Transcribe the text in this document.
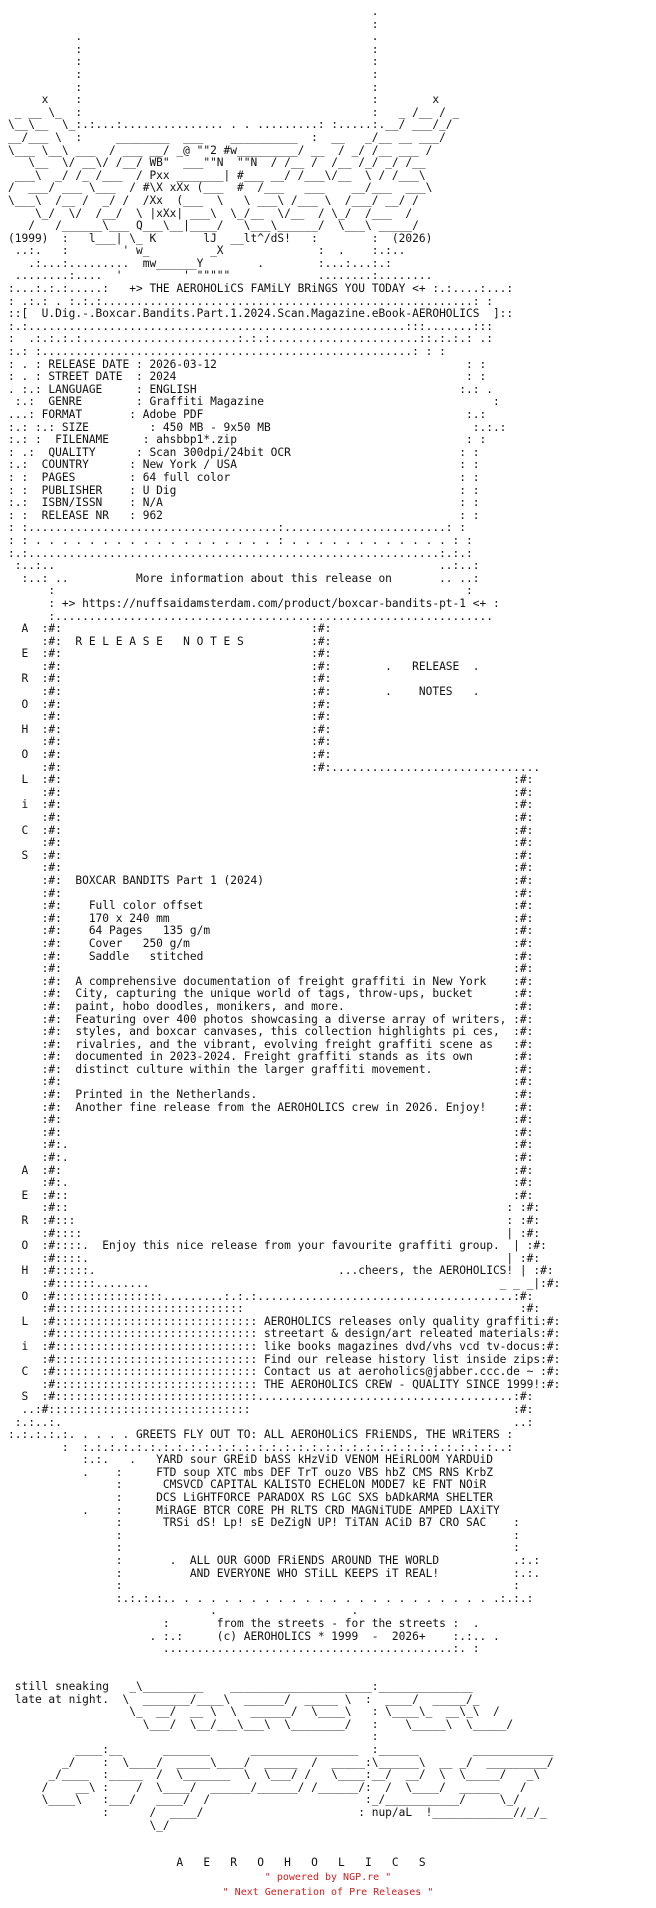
.
:
.                                           .
:                                           :
:                                           :
:                                           :
:                                           :
x    :                                           :        x
_ __ \_  :                                           :   _ /__ / _
\__\__  \_:.:...:............... . . .........: :.....:.__/ ___/_/
__/___ \  :     ________  ___    __________  :  __   _/__ __ ___/
\___ \__\ ___  / ___ __/ _@ ""2 #w_________/ __  / _/ /__ ___ /
\__  \/ __\/ /__/ WB"  ___""N  ""N  / /__ /  /__ /_/ _/ /__
___\  _/ /_ /___  / Pxx _______| #___ __/ /___\/__  \ / /___\
/  ___/ ___ \___  / #\X xXx (___  #  /___   ___    __/___  ___\
\___\  /__ /  _/ /  /Xx  (___  \   \ ___\ /___ \  /___/ __/ /
\_/  \/  /__/  \ |xXx| ___\  \_/__  \/__  / \_/  /___  /
/   /______\___ Q___\__|____/   \___\______/  \___\ _____/
(1999)  :   l___| \_ K       lJ  __lt^/dS!   :        :  (2026)
..:.   :        ' w_         _X              :  .    :.:..
.:...:.........  mw______Y        .        :...:...:.:
........:....  '         ' """""             ........:........
:...:.:.:.....:   +> THE AEROHOLiCS FAMiLY BRiNGS YOU TODAY <+ :.:....:...:
: .:.: . :.:.:.......................................................: :
::[  U.Dig.-.Boxcar.Bandits.Part.1.2024.Scan.Magazine.eBook-AEROHOLICS  ]::
:.:........................................................:::.......:::
:  .:.:.:.:.......................:.:.:......................::.:.:.: .:
:.: :.......................................................: : :
: . : RELEASE DATE : 2026-03-12                                     : :
: . : STREET DATE  : 2024                                           : :
. :.: LANGUAGE     : ENGLISH                                       :.: .
:.:  GENRE        : Graffiti Magazine                                  :
...: FORMAT       : Adobe PDF                                       :.:
:.: :.: SIZE         : 450 MB - 9x50 MB                              :.:.:
:.: :  FILENAME     : ahsbbp1*.zip                                  : :
: .:  QUALITY      : Scan 300dpi/24bit OCR                         : :
:.:  COUNTRY      : New York / USA                                 : :
: :  PAGES        : 64 full color                                  : :
: :  PUBLISHER    : U Dig                                          : :
:.:  ISBN/ISSN    : N/A                                            : :
: :  RELEASE NR   : 962                                            : :
: :.....................................:........................: :
: : . . . . . . . . . . . . . . . . . . : . . . . . . . . . . . . : :
:.:.............................................................:.:.:
:..:..                                                         ..:..:
:..: ..          More information about this release on       .. ..:
:                                                             :
: +> https://nuffsaidamsterdam.com/product/boxcar-bandits-pt-1 <+ :
:.................................................................
A  :#:                                     :#:
:#:  R E L E A S E   N O T E S          :#:
E  :#:                                     :#:
:#:                                     :#:        .   RELEASE  .
R  :#:                                     :#:
:#:                                     :#:        .    NOTES   .
O  :#:                                     :#:
:#:                                     :#:
H  :#:                                     :#:
:#:                                     :#:
O  :#:                                     :#:
:#:                                     :#:...............................
L  :#:                                                                   :#:
:#:                                                                   :#:
i  :#:                                                                   :#:
:#:                                                                   :#:
C  :#:                                                                   :#:
:#:                                                                   :#:
S  :#:                                                                   :#:
:#:                                                                   :#:
:#:  BOXCAR BANDITS Part 1 (2024)                                     :#:
:#:                                                                   :#:
:#:    Full color offset                                              :#:
:#:    170 x 240 mm                                                   :#:
:#:    64 Pages   135 g/m                                             :#:
:#:    Cover   250 g/m                                                :#:
:#:    Saddle   stitched                                              :#:
:#:                                                                   :#:
:#:  A comprehensive documentation of freight graffiti in New York    :#:
:#:  City, capturing the unique world of tags, throw-ups, bucket      :#:
:#:  paint, hobo doodles, monikers, and more.                         :#:
:#:  Featuring over 400 photos showcasing a diverse array of writers, :#:
:#:  styles, and boxcar canvases, this collection highlights pi ces,  :#:
:#:  rivalries, and the vibrant, evolving freight graffiti scene as   :#:
:#:  documented in 2023-2024. Freight graffiti stands as its own      :#:
:#:  distinct culture within the larger graffiti movement.            :#:
:#:                                                                   :#:
:#:  Printed in the Netherlands.                                      :#:
:#:  Another fine release from the AEROHOLICS crew in 2026. Enjoy!    :#:
:#:                                                                   :#:
:#:                                                                   :#:
:#:.                                                                  :#:
:#:.                                                                  :#:
A  :#:                                                                   :#:
:#:.                                                                  :#:
E  :#::                                                                  :#:
:#::                                                                 : :#:
R  :#:::                                                                : :#:
:#::::                                                               | :#:
O  :#::::.  Enjoy this nice release from your favourite graffiti group.  | :#:
:#::::.                                                              | :#:
H  :#:::::.                                    ...cheers, the AEROHOLICS! | :#:
:#::::::........                                                    _ _ _|:#:
O  :#::::::::::::::::.........:.:.:......................................:#:
:#::::::::::::::::::::::::::::                                         :#:
L  :#:::::::::::::::::::::::::::::: AEROHOLICS releases only quality graffiti:#:
:#:::::::::::::::::::::::::::::: streetart & design/art releated materials:#:
i  :#:::::::::::::::::::::::::::::: like books magazines dvd/vhs vcd tv-docus:#:
:#:::::::::::::::::::::::::::::: Find our release history list inside zips:#:
C  :#:::::::::::::::::::::::::::::: Contact us at aeroholics@jabber.ccc.de ~ :#:
:#:::::::::::::::::::::::::::::: THE AEROHOLICS CREW - QUALITY SINCE 1999!:#:
S  :#::::::::::::::::::::::::::::::......................................:#:
..:#::::::::::::::::::::::::::::::                                       :#:
:.:..:.                                                                   ..:
:.:.:.:.:. . . . . GREETS FLY OUT TO: ALL AEROHOLiCS FRiENDS, THE WRiTERS :
:  :.:.:.:.:.:.:.:.:.:.:.:.:.:.:.:.:.:.:.:.:.:.:.:.:.:.:.:.:.:.:..:
:.:.   .   YARD sour GREiD bASS kHzViD VENOM HEiRLOOM YARDUiD
.    :     FTD soup XTC mbs DEF TrT ouzo VBS hbZ CMS RNS KrbZ
:      CMSVCD CAPITAL KALISTO ECHELON MODE7 kE FNT NOiR
:     DCS LiGHTFORCE PARADOX RS LGC SXS bADkARMA SHELTER
.    :     MiRAGE BTCR CORE PH RLTS CRD MAGNiTUDE AMPED LAXiTY
:      TRSi dS! Lp! sE DeZigN UP! TiTAN ACiD B7 CRO SAC    :
:                                                          :
:                                                          :
:       .  ALL OUR GOOD FRiENDS AROUND THE WORLD           .:.:
:          AND EVERYONE WHO STiLL KEEPS iT REAL!           :.:.
:                                                          :
:.:.:.:.. . . . . . . . . . . . . . . . . . . . . . . . .:.:.:
.                    .
:       from the streets - for the streets :  .
. :.:     (c) AEROHOLICS * 1999  -  2026+    :.:.. .
...........................................:. :

still sneaking   _\_________    _____________________:______________
late at night.  \  _______/____\  ______/  _____ \  :  ____/  _____/_
\_  __/  __ \  \  ______/  \____\   : \____\_  __\_\  /
\___/  \__/___\___\  \________/   :    \_____\  \_____/
:
____:__      _______      ________________  :______        ____________
_/    :  \____/  _____\____/  _____  /  _____:\______\  __ _/  _________/
_/____  :_____  /  \_______  \  \___/ /   \____:__/  __/  \  \_____/   _\
/    __\ :    /  \____/  ______/______/ /______/:  /  \____/  ______   /
\____\   :___/   ____/  /                       :_/___________/     \_/
:      /  ____/                       : nup/aL  !____________//_/_
\_/

A   E   R   O   H   O   L   I   C   S
" powered by NGP.re "
" Next Generation of Pre Releases "
